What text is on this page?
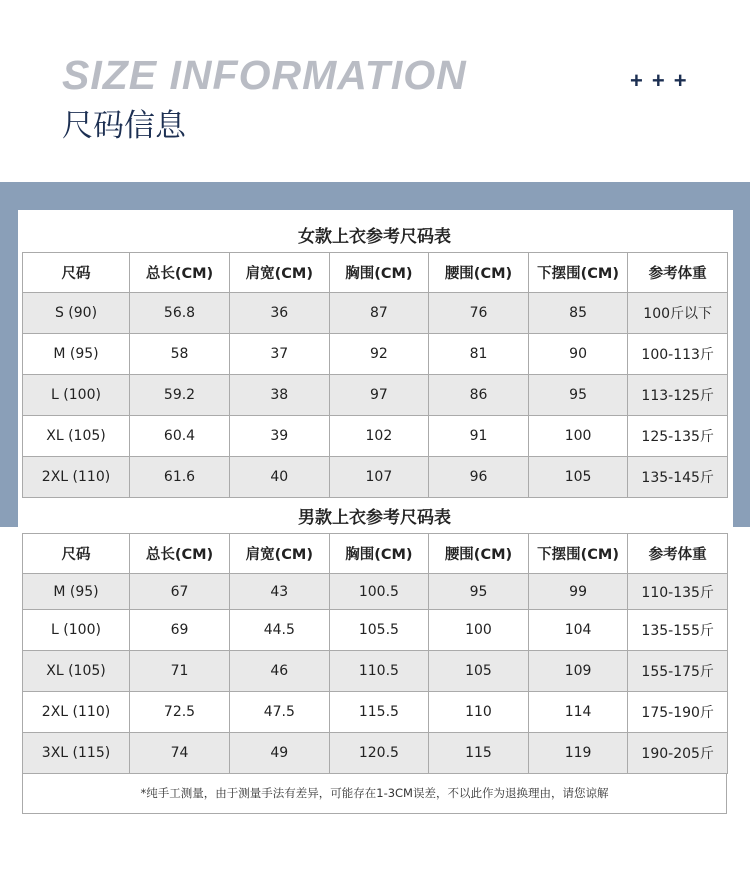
SIZE INFORMATION
尺码信息
+ + +
女款上衣参考尺码表
尺码	总长(CM)	肩宽(CM)	胸围(CM)	腰围(CM)	下摆围(CM)	参考体重
S (90)	56.8	36	87	76	85	100斤以下
M (95)	58	37	92	81	90	100-113斤
L (100)	59.2	38	97	86	95	113-125斤
XL (105)	60.4	39	102	91	100	125-135斤
2XL (110)	61.6	40	107	96	105	135-145斤
男款上衣参考尺码表
尺码	总长(CM)	肩宽(CM)	胸围(CM)	腰围(CM)	下摆围(CM)	参考体重
M (95)	67	43	100.5	95	99	110-135斤
L (100)	69	44.5	105.5	100	104	135-155斤
XL (105)	71	46	110.5	105	109	155-175斤
2XL (110)	72.5	47.5	115.5	110	114	175-190斤
3XL (115)	74	49	120.5	115	119	190-205斤
*纯手工测量，由于测量手法有差异，可能存在1-3CM误差，不以此作为退换理由，请您谅解
